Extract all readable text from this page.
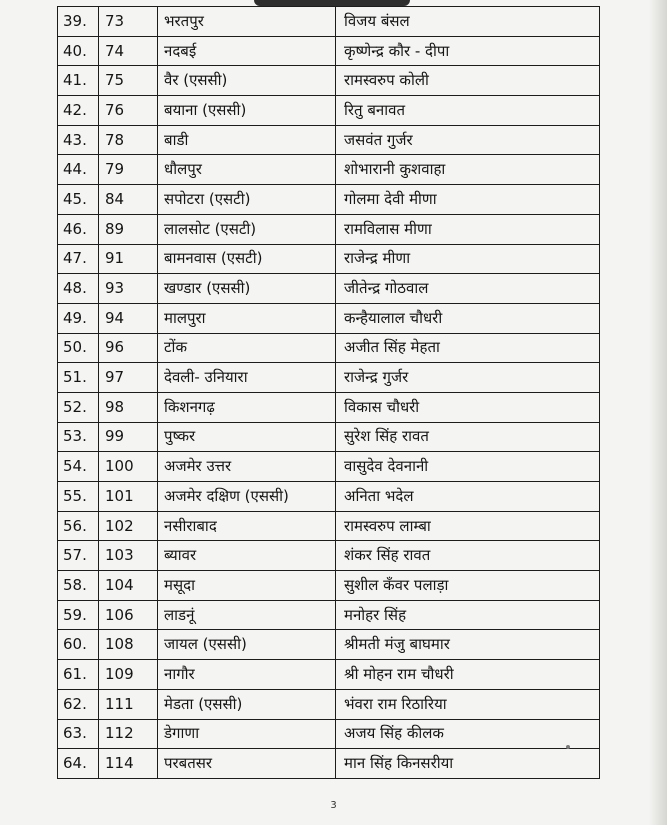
39.	73	भरतपुर	विजय बंसल
40.	74	नदबई	कृष्णेन्द्र कौर - दीपा
41.	75	वैर (एससी)	रामस्वरुप कोली
42.	76	बयाना (एससी)	रितु बनावत
43.	78	बाडी	जसवंत गुर्जर
44.	79	धौलपुर	शोभारानी कुशवाहा
45.	84	सपोटरा (एसटी)	गोलमा देवी मीणा
46.	89	लालसोट (एसटी)	रामविलास मीणा
47.	91	बामनवास (एसटी)	राजेन्द्र मीणा
48.	93	खण्डार (एससी)	जीतेन्द्र गोठवाल
49.	94	मालपुरा	कन्हैयालाल चौधरी
50.	96	टोंक	अजीत सिंह मेहता
51.	97	देवली- उनियारा	राजेन्द्र गुर्जर
52.	98	किशनगढ़	विकास चौधरी
53.	99	पुष्कर	सुरेश सिंह रावत
54.	100	अजमेर उत्तर	वासुदेव देवनानी
55.	101	अजमेर दक्षिण (एससी)	अनिता भदेल
56.	102	नसीराबाद	रामस्वरुप लाम्बा
57.	103	ब्यावर	शंकर सिंह रावत
58.	104	मसूदा	सुशील कँवर पलाड़ा
59.	106	लाडनूं	मनोहर सिंह
60.	108	जायल (एससी)	श्रीमती मंजु बाघमार
61.	109	नागौर	श्री मोहन राम चौधरी
62.	111	मेडता (एससी)	भंवरा राम रिठारिया
63.	112	डेगाणा	अजय सिंह कीलक
64.	114	परबतसर	मान सिंह किनसरीया
3
